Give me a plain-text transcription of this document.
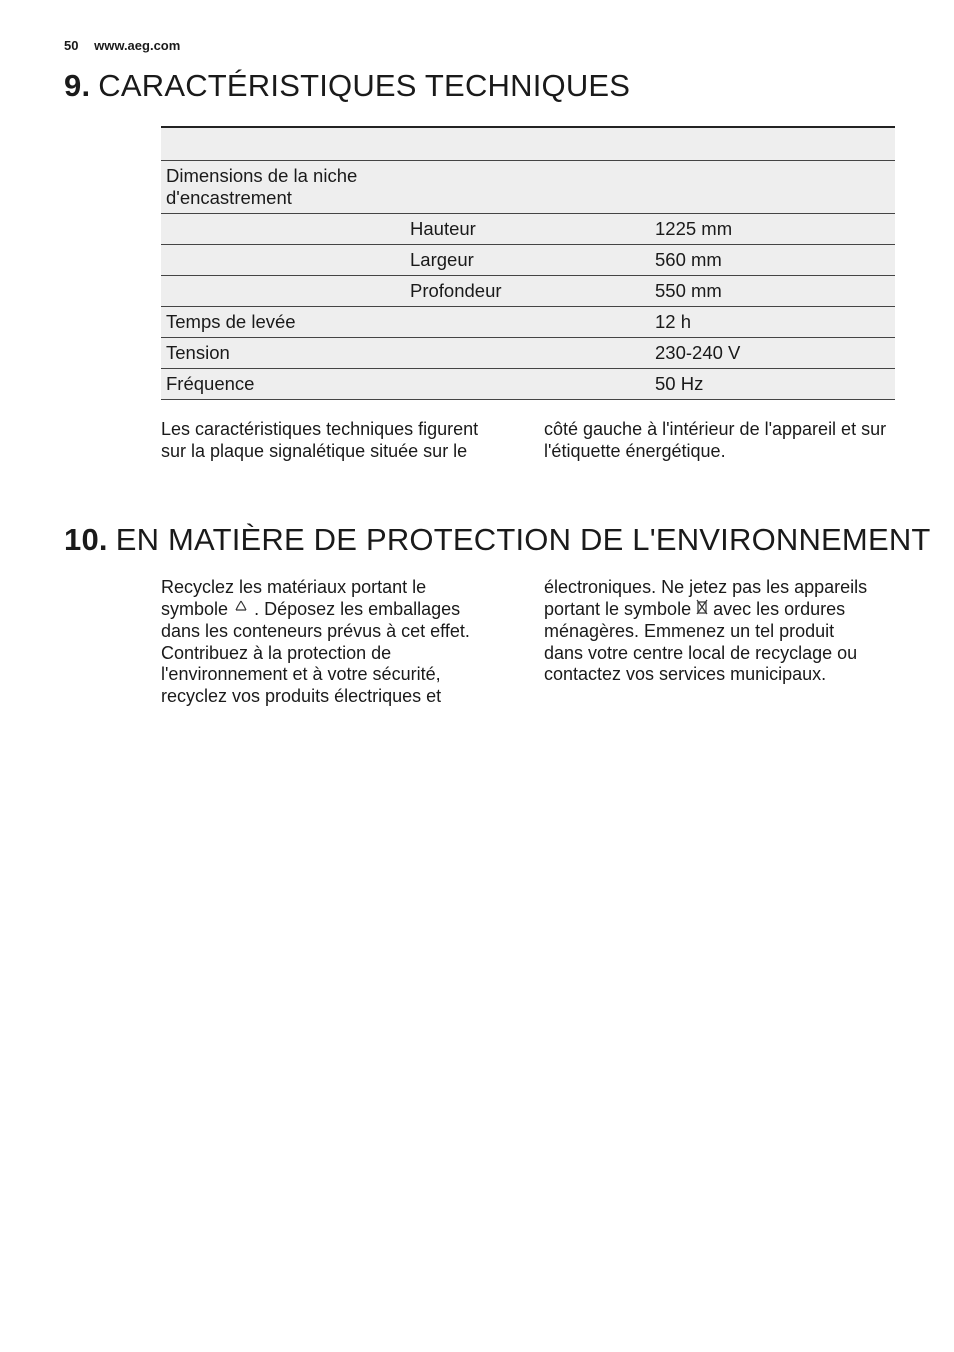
50 www.aeg.com
9. CARACTÉRISTIQUES TECHNIQUES

Dimensions de la niche d'encastrement		
	Hauteur	1225 mm
	Largeur	560 mm
	Profondeur	550 mm
Temps de levée		12 h
Tension		230-240 V
Fréquence		50 Hz
Les caractéristiques techniques figurent sur la plaque signalétique située sur le
côté gauche à l'intérieur de l'appareil et sur l'étiquette énergétique.
10. EN MATIÈRE DE PROTECTION DE L'ENVIRONNEMENT
Recyclez les matériaux portant le symbole . Déposez les emballages dans les conteneurs prévus à cet effet.
Contribuez à la protection de l'environnement et à votre sécurité, recyclez vos produits électriques et
électroniques. Ne jetez pas les appareils portant le symbole avec les ordures ménagères. Emmenez un tel produit dans votre centre local de recyclage ou contactez vos services municipaux.
